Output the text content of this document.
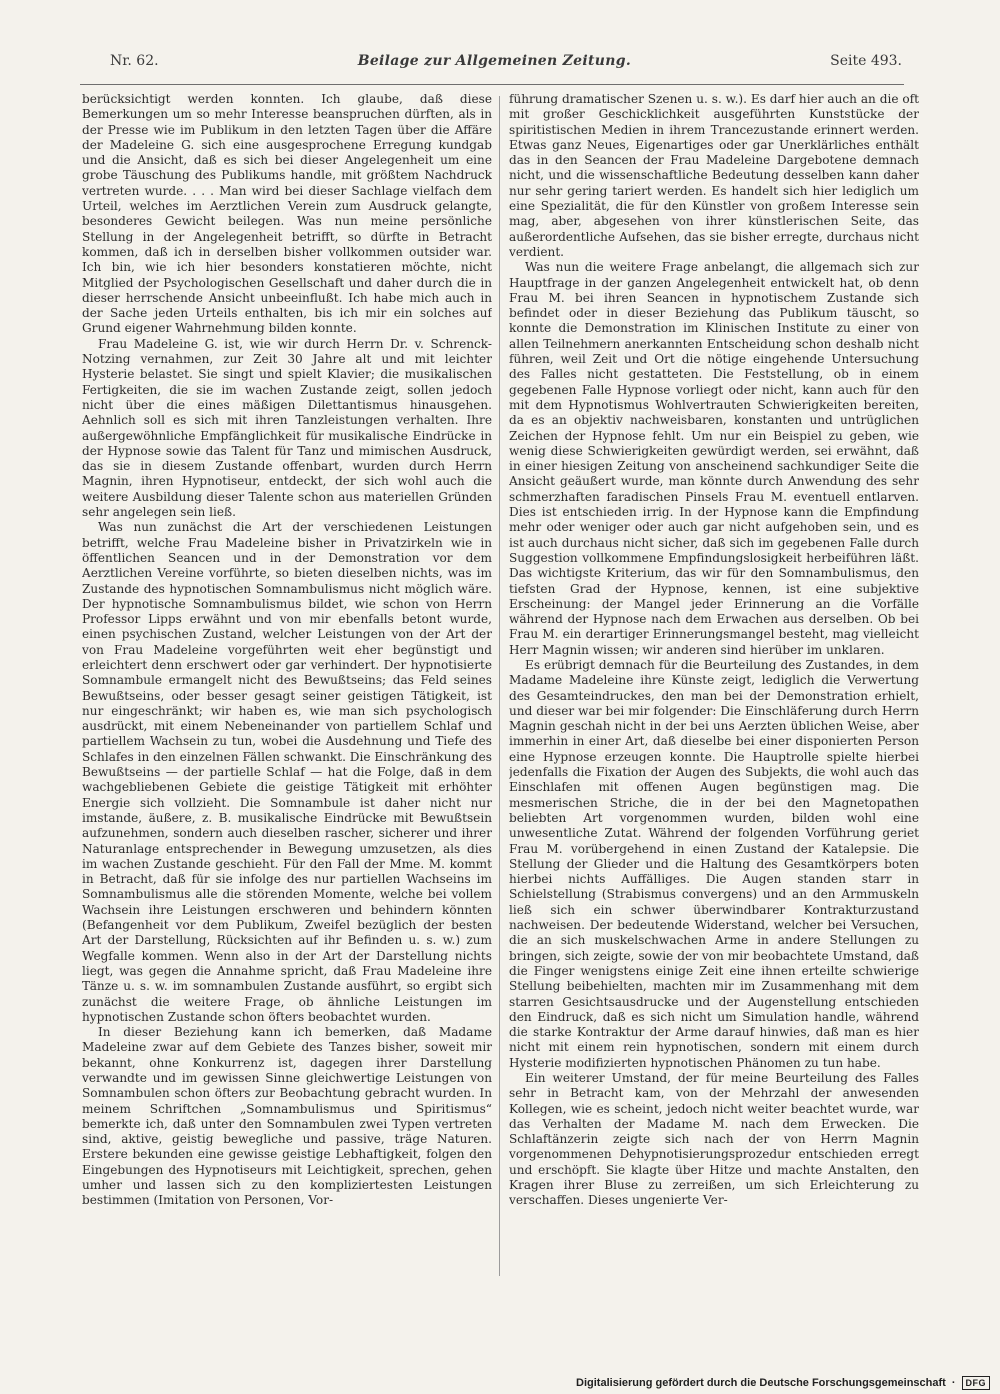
Nr. 62.	Beilage zur Allgemeinen Zeitung.	Seite 493.

berücksichtigt werden konnten. Ich glaube, daß diese Bemerkungen um so mehr Interesse beanspruchen dürften, als in der Presse wie im Publikum in den letzten Tagen über die Affäre der Madeleine G. sich eine ausgesprochene Erregung kundgab und die Ansicht, daß es sich bei dieser Angelegenheit um eine grobe Täuschung des Publikums handle, mit größtem Nachdruck vertreten wurde. . . . Man wird bei dieser Sachlage vielfach dem Urteil, welches im Aerztlichen Verein zum Ausdruck gelangte, besonderes Gewicht beilegen. Was nun meine persönliche Stellung in der Angelegenheit betrifft, so dürfte in Betracht kommen, daß ich in derselben bisher vollkommen outsider war. Ich bin, wie ich hier besonders konstatieren möchte, nicht Mitglied der Psychologischen Gesellschaft und daher durch die in dieser herrschende Ansicht unbeeinflußt. Ich habe mich auch in der Sache jeden Urteils enthalten, bis ich mir ein solches auf Grund eigener Wahrnehmung bilden konnte.

Frau Madeleine G. ist, wie wir durch Herrn Dr. v. Schrenck-Notzing vernahmen, zur Zeit 30 Jahre alt und mit leichter Hysterie belastet. Sie singt und spielt Klavier; die musikalischen Fertigkeiten, die sie im wachen Zustande zeigt, sollen jedoch nicht über die eines mäßigen Dilettantismus hinausgehen. Aehnlich soll es sich mit ihren Tanzleistungen verhalten. Ihre außergewöhnliche Empfänglichkeit für musikalische Eindrücke in der Hypnose sowie das Talent für Tanz und mimischen Ausdruck, das sie in diesem Zustande offenbart, wurden durch Herrn Magnin, ihren Hypnotiseur, entdeckt, der sich wohl auch die weitere Ausbildung dieser Talente schon aus materiellen Gründen sehr angelegen sein ließ.

Was nun zunächst die Art der verschiedenen Leistungen betrifft, welche Frau Madeleine bisher in Privatzirkeln wie in öffentlichen Seancen und in der Demonstration vor dem Aerztlichen Vereine vorführte, so bieten dieselben nichts, was im Zustande des hypnotischen Somnambulismus nicht möglich wäre. Der hypnotische Somnambulismus bildet, wie schon von Herrn Professor Lipps erwähnt und von mir ebenfalls betont wurde, einen psychischen Zustand, welcher Leistungen von der Art der von Frau Madeleine vorgeführten weit eher begünstigt und erleichtert denn erschwert oder gar verhindert. Der hypnotisierte Somnambule ermangelt nicht des Bewußtseins; das Feld seines Bewußtseins, oder besser gesagt seiner geistigen Tätigkeit, ist nur eingeschränkt; wir haben es, wie man sich psychologisch ausdrückt, mit einem Nebeneinander von partiellem Schlaf und partiellem Wachsein zu tun, wobei die Ausdehnung und Tiefe des Schlafes in den einzelnen Fällen schwankt. Die Einschränkung des Bewußtseins — der partielle Schlaf — hat die Folge, daß in dem wachgebliebenen Gebiete die geistige Tätigkeit mit erhöhter Energie sich vollzieht. Die Somnambule ist daher nicht nur imstande, äußere, z. B. musikalische Eindrücke mit Bewußtsein aufzunehmen, sondern auch dieselben rascher, sicherer und ihrer Naturanlage entsprechender in Bewegung umzusetzen, als dies im wachen Zustande geschieht. Für den Fall der Mme. M. kommt in Betracht, daß für sie infolge des nur partiellen Wachseins im Somnambulismus alle die störenden Momente, welche bei vollem Wachsein ihre Leistungen erschweren und behindern könnten (Befangenheit vor dem Publikum, Zweifel bezüglich der besten Art der Darstellung, Rücksichten auf ihr Befinden u. s. w.) zum Wegfalle kommen. Wenn also in der Art der Darstellung nichts liegt, was gegen die Annahme spricht, daß Frau Madeleine ihre Tänze u. s. w. im somnambulen Zustande ausführt, so ergibt sich zunächst die weitere Frage, ob ähnliche Leistungen im hypnotischen Zustande schon öfters beobachtet wurden.

In dieser Beziehung kann ich bemerken, daß Madame Madeleine zwar auf dem Gebiete des Tanzes bisher, soweit mir bekannt, ohne Konkurrenz ist, dagegen ihrer Darstellung verwandte und im gewissen Sinne gleichwertige Leistungen von Somnambulen schon öfters zur Beobachtung gebracht wurden. In meinem Schriftchen „Somnambulismus und Spiritismus“ bemerkte ich, daß unter den Somnambulen zwei Typen vertreten sind, aktive, geistig bewegliche und passive, träge Naturen. Erstere bekunden eine gewisse geistige Lebhaftigkeit, folgen den Eingebungen des Hypnotiseurs mit Leichtigkeit, sprechen, gehen umher und lassen sich zu den kompliziertesten Leistungen bestimmen (Imitation von Personen, Vor-

führung dramatischer Szenen u. s. w.). Es darf hier auch an die oft mit großer Geschicklichkeit ausgeführten Kunststücke der spiritistischen Medien in ihrem Trancezustande erinnert werden. Etwas ganz Neues, Eigenartiges oder gar Unerklärliches enthält das in den Seancen der Frau Madeleine Dargebotene demnach nicht, und die wissenschaftliche Bedeutung desselben kann daher nur sehr gering tariert werden. Es handelt sich hier lediglich um eine Spezialität, die für den Künstler von großem Interesse sein mag, aber, abgesehen von ihrer künstlerischen Seite, das außerordentliche Aufsehen, das sie bisher erregte, durchaus nicht verdient.

Was nun die weitere Frage anbelangt, die allgemach sich zur Hauptfrage in der ganzen Angelegenheit entwickelt hat, ob denn Frau M. bei ihren Seancen in hypnotischem Zustande sich befindet oder in dieser Beziehung das Publikum täuscht, so konnte die Demonstration im Klinischen Institute zu einer von allen Teilnehmern anerkannten Entscheidung schon deshalb nicht führen, weil Zeit und Ort die nötige eingehende Untersuchung des Falles nicht gestatteten. Die Feststellung, ob in einem gegebenen Falle Hypnose vorliegt oder nicht, kann auch für den mit dem Hypnotismus Wohlvertrauten Schwierigkeiten bereiten, da es an objektiv nachweisbaren, konstanten und untrüglichen Zeichen der Hypnose fehlt. Um nur ein Beispiel zu geben, wie wenig diese Schwierigkeiten gewürdigt werden, sei erwähnt, daß in einer hiesigen Zeitung von anscheinend sachkundiger Seite die Ansicht geäußert wurde, man könnte durch Anwendung des sehr schmerzhaften faradischen Pinsels Frau M. eventuell entlarven. Dies ist entschieden irrig. In der Hypnose kann die Empfindung mehr oder weniger oder auch gar nicht aufgehoben sein, und es ist auch durchaus nicht sicher, daß sich im gegebenen Falle durch Suggestion vollkommene Empfindungslosigkeit herbeiführen läßt. Das wichtigste Kriterium, das wir für den Somnambulismus, den tiefsten Grad der Hypnose, kennen, ist eine subjektive Erscheinung: der Mangel jeder Erinnerung an die Vorfälle während der Hypnose nach dem Erwachen aus derselben. Ob bei Frau M. ein derartiger Erinnerungsmangel besteht, mag vielleicht Herr Magnin wissen; wir anderen sind hierüber im unklaren.

Es erübrigt demnach für die Beurteilung des Zustandes, in dem Madame Madeleine ihre Künste zeigt, lediglich die Verwertung des Gesamteindruckes, den man bei der Demonstration erhielt, und dieser war bei mir folgender: Die Einschläferung durch Herrn Magnin geschah nicht in der bei uns Aerzten üblichen Weise, aber immerhin in einer Art, daß dieselbe bei einer disponierten Person eine Hypnose erzeugen konnte. Die Hauptrolle spielte hierbei jedenfalls die Fixation der Augen des Subjekts, die wohl auch das Einschlafen mit offenen Augen begünstigen mag. Die mesmerischen Striche, die in der bei den Magnetopathen beliebten Art vorgenommen wurden, bilden wohl eine unwesentliche Zutat. Während der folgenden Vorführung geriet Frau M. vorübergehend in einen Zustand der Katalepsie. Die Stellung der Glieder und die Haltung des Gesamtkörpers boten hierbei nichts Auffälliges. Die Augen standen starr in Schielstellung (Strabismus convergens) und an den Armmuskeln ließ sich ein schwer überwindbarer Kontrakturzustand nachweisen. Der bedeutende Widerstand, welcher bei Versuchen, die an sich muskelschwachen Arme in andere Stellungen zu bringen, sich zeigte, sowie der von mir beobachtete Umstand, daß die Finger wenigstens einige Zeit eine ihnen erteilte schwierige Stellung beibehielten, machten mir im Zusammenhang mit dem starren Gesichtsausdrucke und der Augenstellung entschieden den Eindruck, daß es sich nicht um Simulation handle, während die starke Kontraktur der Arme darauf hinwies, daß man es hier nicht mit einem rein hypnotischen, sondern mit einem durch Hysterie modifizierten hypnotischen Phänomen zu tun habe.

Ein weiterer Umstand, der für meine Beurteilung des Falles sehr in Betracht kam, von der Mehrzahl der anwesenden Kollegen, wie es scheint, jedoch nicht weiter beachtet wurde, war das Verhalten der Madame M. nach dem Erwecken. Die Schlaftänzerin zeigte sich nach der von Herrn Magnin vorgenommenen Dehypnotisierungsprozedur entschieden erregt und erschöpft. Sie klagte über Hitze und machte Anstalten, den Kragen ihrer Bluse zu zerreißen, um sich Erleichterung zu verschaffen. Dieses ungenierte Ver-

Digitalisierung gefördert durch die Deutsche Forschungsgemeinschaft ·	DFG
